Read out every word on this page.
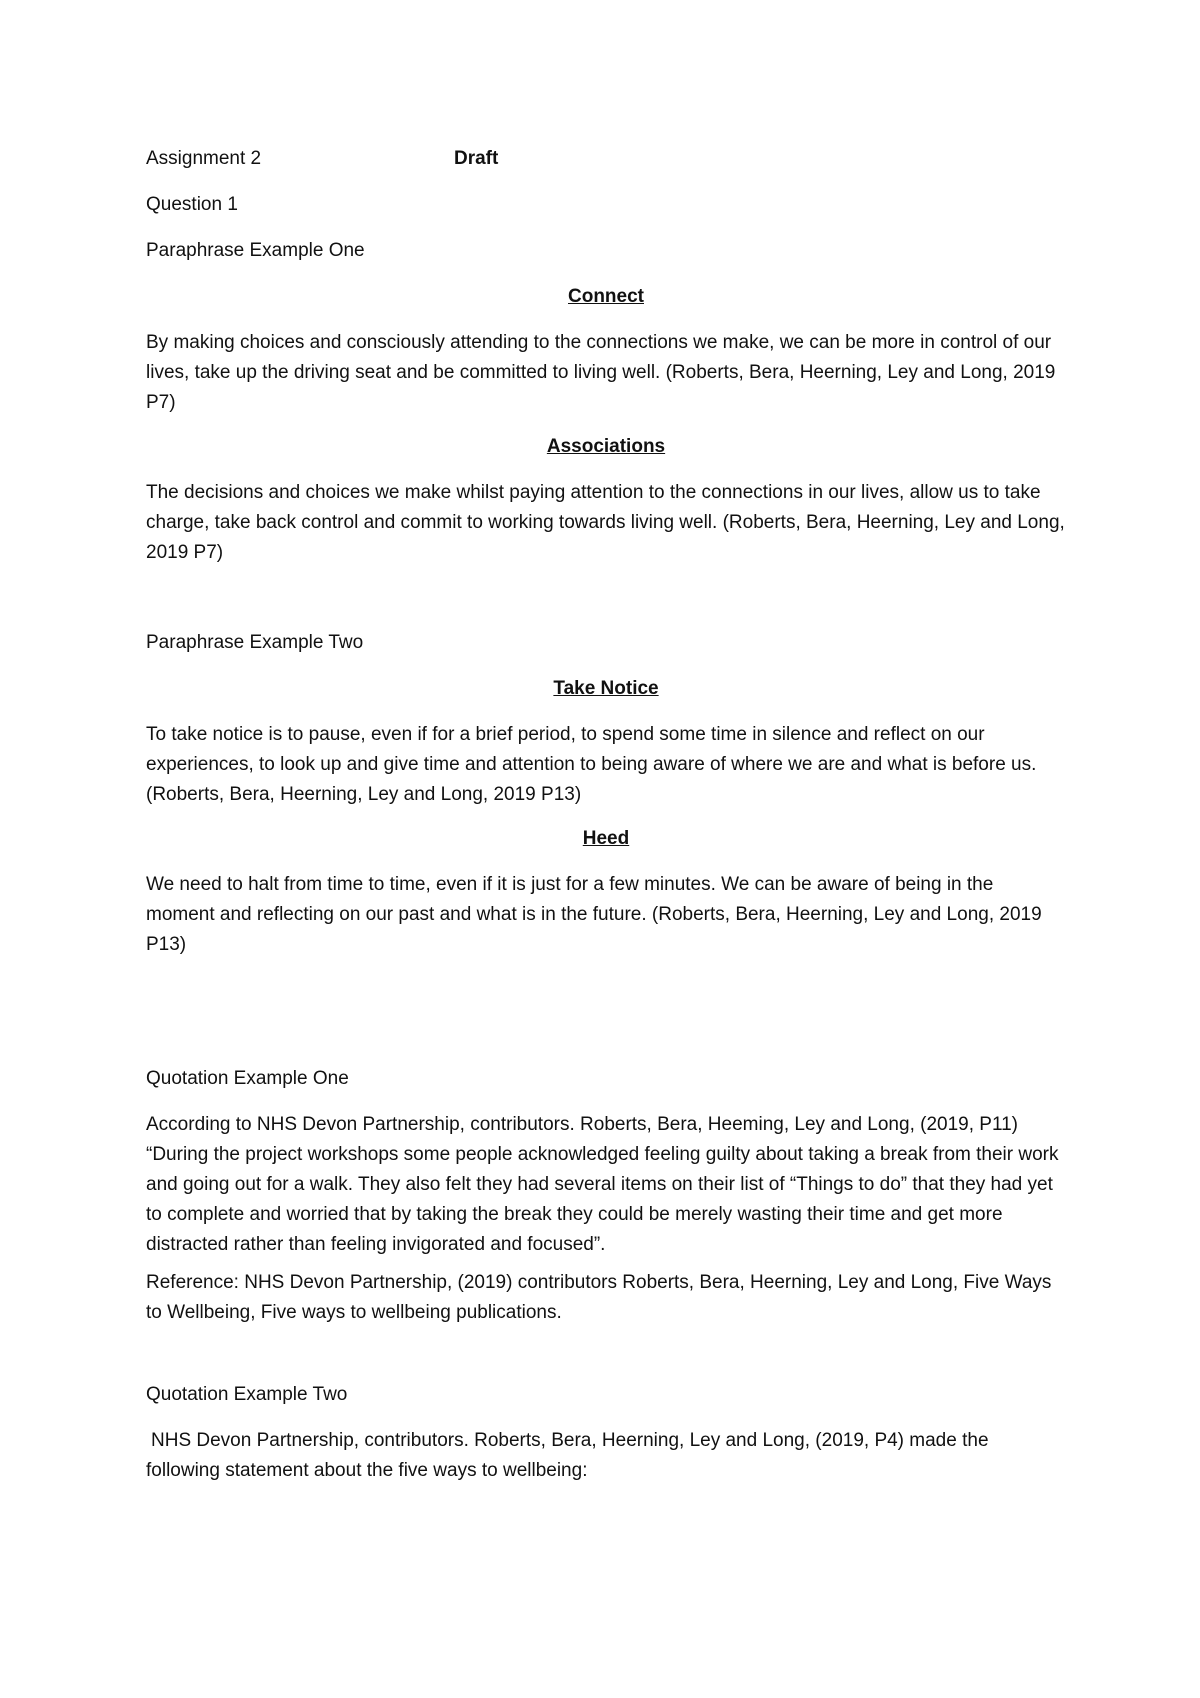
Assignment 2	Draft
Question 1
Paraphrase Example One
Connect
By making choices and consciously attending to the connections we make, we can be more in control of our lives, take up the driving seat and be committed to living well. (Roberts, Bera, Heerning, Ley and Long, 2019 P7)
Associations
The decisions and choices we make whilst paying attention to the connections in our lives, allow us to take charge, take back control and commit to working towards living well. (Roberts, Bera, Heerning, Ley and Long, 2019 P7)
Paraphrase Example Two
Take Notice
To take notice is to pause, even if for a brief period, to spend some time in silence and reflect on our experiences, to look up and give time and attention to being aware of where we are and what is before us. (Roberts, Bera, Heerning, Ley and Long, 2019 P13)
Heed
We need to halt from time to time, even if it is just for a few minutes. We can be aware of being in the moment and reflecting on our past and what is in the future. (Roberts, Bera, Heerning, Ley and Long, 2019 P13)
Quotation Example One
According to NHS Devon Partnership, contributors. Roberts, Bera, Heeming, Ley and Long, (2019, P11) “During the project workshops some people acknowledged feeling guilty about taking a break from their work and going out for a walk. They also felt they had several items on their list of “Things to do” that they had yet to complete and worried that by taking the break they could be merely wasting their time and get more distracted rather than feeling invigorated and focused”.
Reference: NHS Devon Partnership, (2019) contributors Roberts, Bera, Heerning, Ley and Long, Five Ways to Wellbeing, Five ways to wellbeing publications.
Quotation Example Two
NHS Devon Partnership, contributors. Roberts, Bera, Heerning, Ley and Long, (2019, P4) made the following statement about the five ways to wellbeing:
